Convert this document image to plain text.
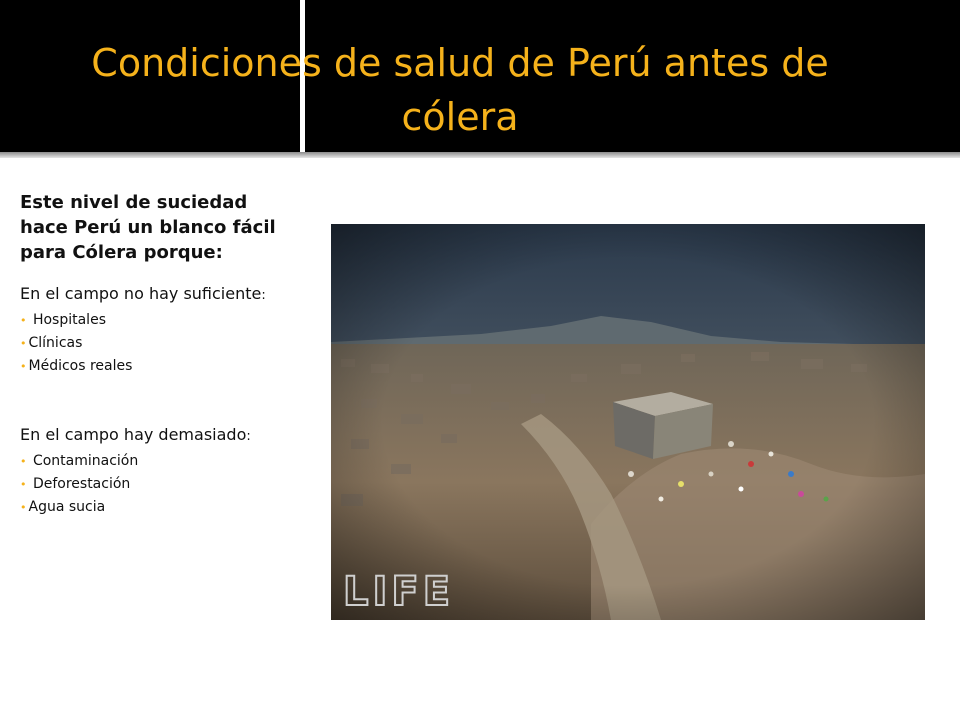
Condiciones de salud de Perú antes de cólera

Este nivel de suciedad hace Perú un blanco fácil para Cólera porque:

En el campo no hay suficiente:

• Hospitales
• Clínicas
• Médicos reales

En el campo hay demasiado:

• Contaminación
• Deforestación
• Agua sucia
LIFE
